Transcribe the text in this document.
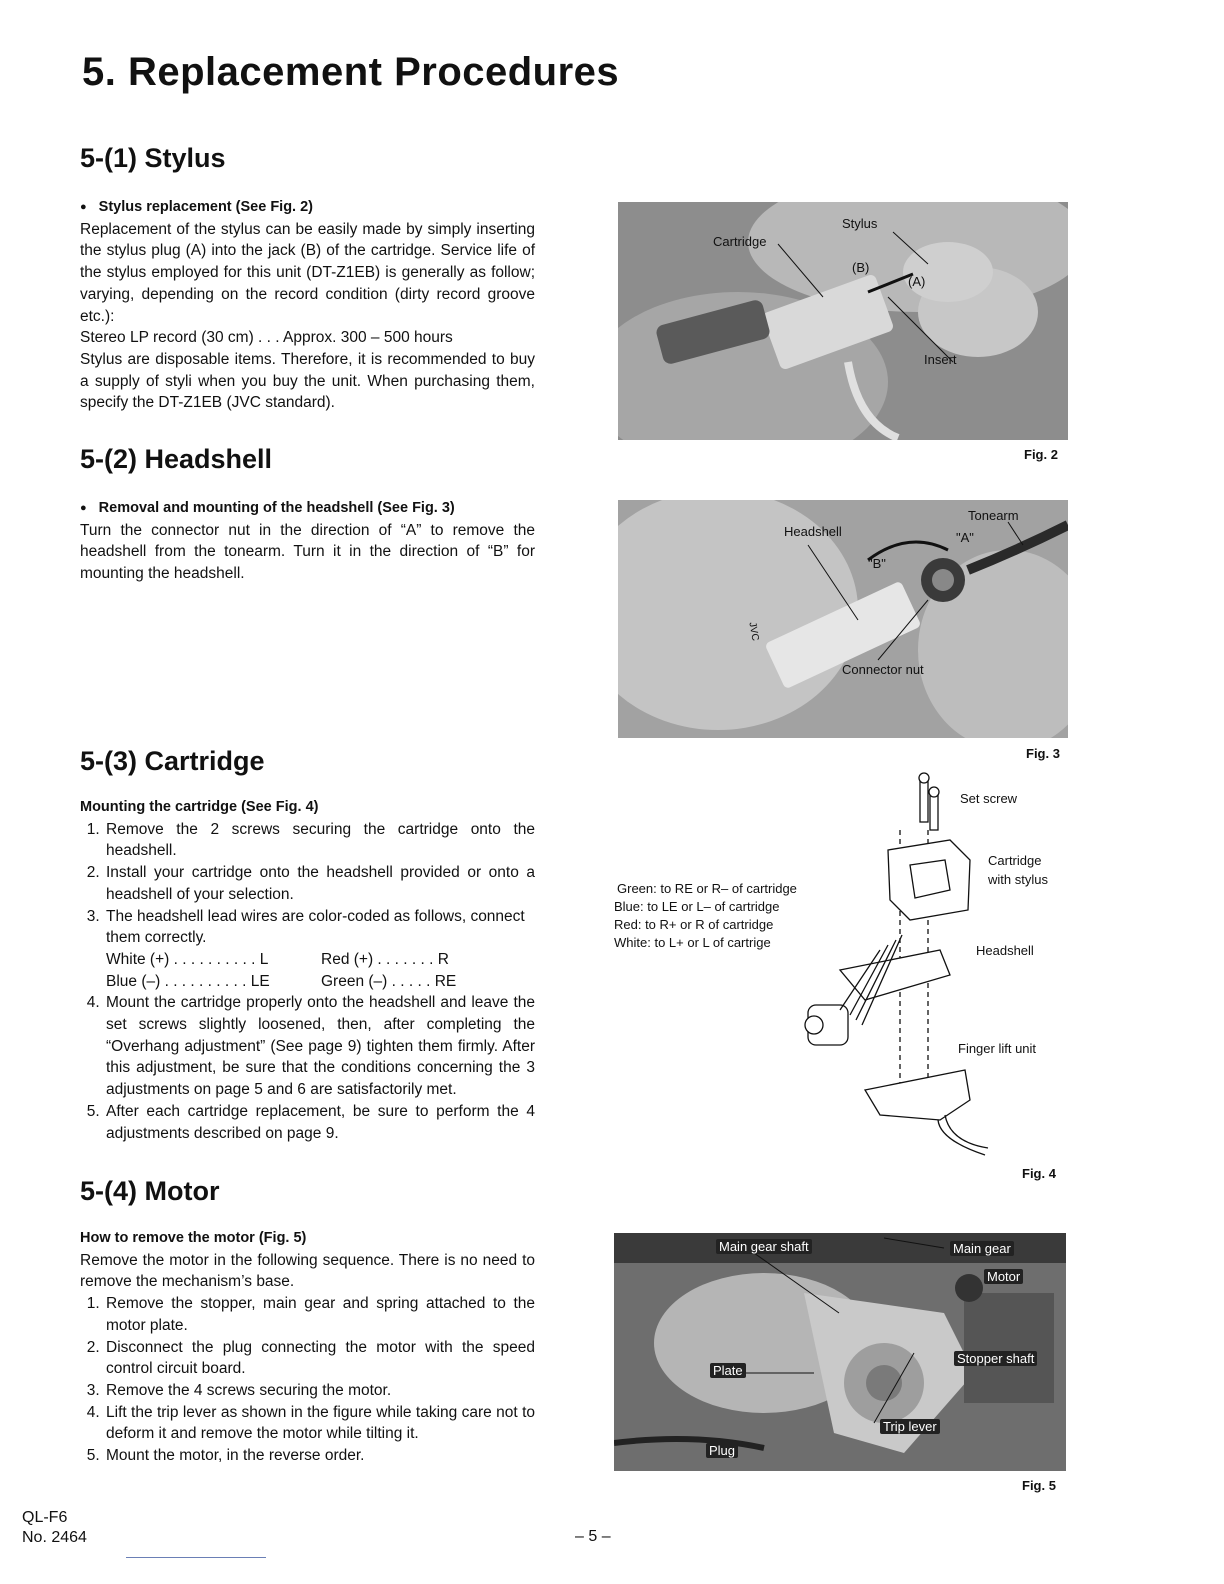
5. Replacement Procedures
5-(1) Stylus
● Stylus replacement (See Fig. 2)
Replacement of the stylus can be easily made by simply inserting the stylus plug (A) into the jack (B) of the cartridge. Service life of the stylus employed for this unit (DT-Z1EB) is generally as follow; varying, depending on the record condition (dirty record groove etc.):
Stereo LP record (30 cm) . . . Approx. 300 – 500 hours
Stylus are disposable items. Therefore, it is recommended to buy a supply of styli when you buy the unit. When purchasing them, specify the DT-Z1EB (JVC standard).
5-(2) Headshell
● Removal and mounting of the headshell (See Fig. 3)
Turn the connector nut in the direction of “A” to remove the headshell from the tonearm. Turn it in the direction of “B” for mounting the headshell.
5-(3) Cartridge
Mounting the cartridge (See Fig. 4)
1. Remove the 2 screws securing the cartridge onto the headshell.
2. Install your cartridge onto the headshell provided or onto a headshell of your selection.
3. The headshell lead wires are color-coded as follows, connect them correctly.
White (+) . . . . . . . . . . L	Red (+) . . . . . . . R
Blue (–) . . . . . . . . . . LE	Green (–) . . . . . RE
4. Mount the cartridge properly onto the headshell and leave the set screws slightly loosened, then, after completing the “Overhang adjustment” (See page 9) tighten them firmly. After this adjustment, be sure that the conditions concerning the 3 adjustments on page 5 and 6 are satisfactorily met.
5. After each cartridge replacement, be sure to perform the 4 adjustments described on page 9.
5-(4) Motor
How to remove the motor (Fig. 5)
Remove the motor in the following sequence. There is no need to remove the mechanism’s base.
1. Remove the stopper, main gear and spring attached to the motor plate.
2. Disconnect the plug connecting the motor with the speed control circuit board.
3. Remove the 4 screws securing the motor.
4. Lift the trip lever as shown in the figure while taking care not to deform it and remove the motor while tilting it.
5. Mount the motor, in the reverse order.
Cartridge
Stylus
(B)
(A)
Insert
Fig. 2
Headshell
Tonearm
"A"
"B"
Connector nut
JVC
Fig. 3
Set screw
Cartridge
with stylus
Headshell
Finger lift unit
Green: to RE or R– of cartridge
Blue: to LE or L– of cartridge
Red: to R+ or R of cartridge
White: to L+ or L of cartrige
Fig. 4
Main gear shaft	Main gear
Motor
Stopper shaft
Plate
Trip lever
Plug
Fig. 5
QL-F6
No. 2464	– 5 –
